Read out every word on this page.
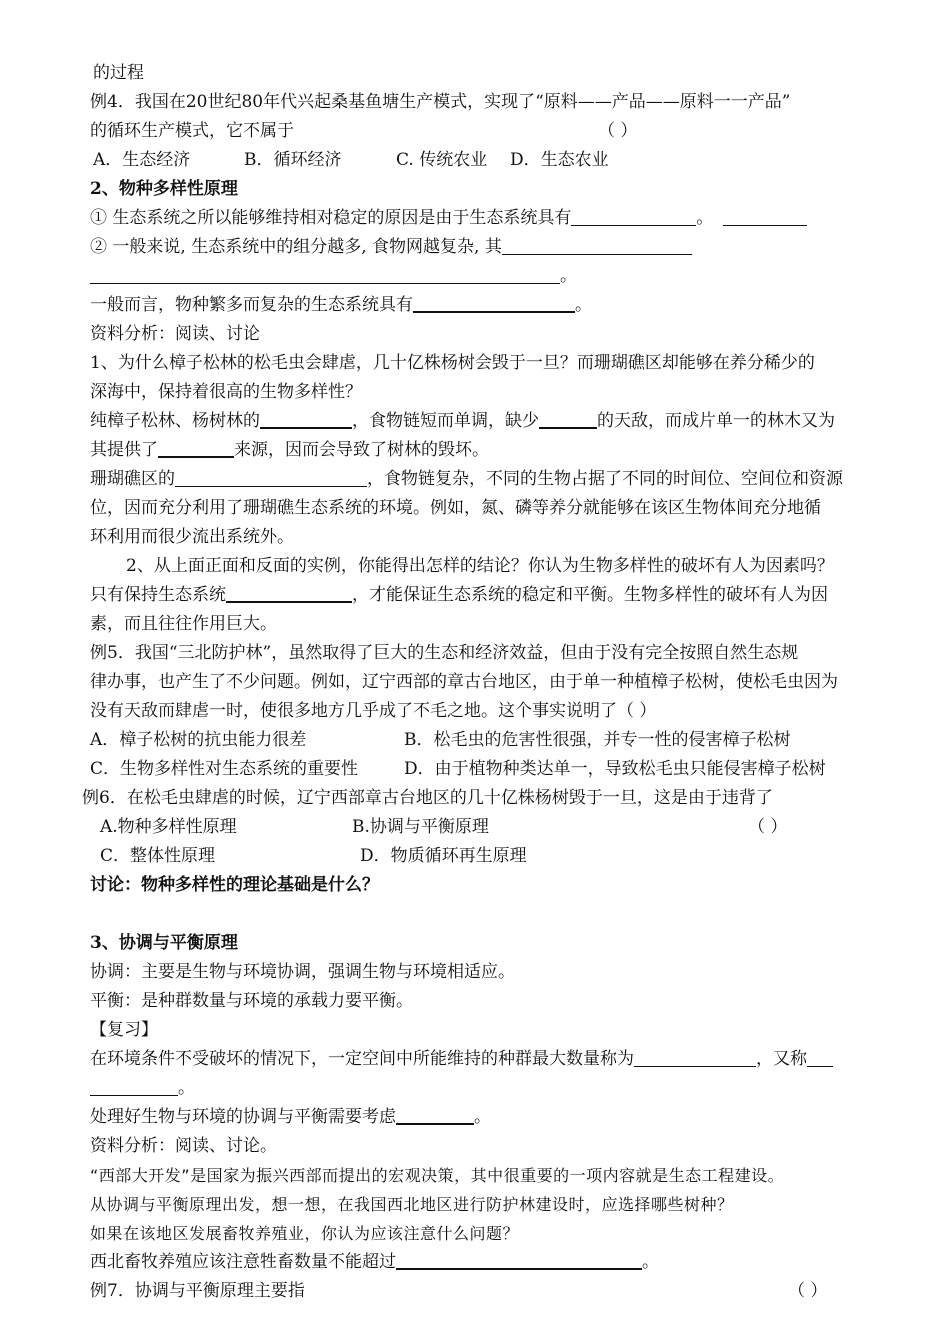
的过程
例4．我国在20世纪80年代兴起桑基鱼塘生产模式，实现了“原料——产品——原料一一产品”
的循环生产模式，它不属于	（ ）
A．生态经济	B．循环经济	C. 传统农业 D．生态农业
2、物种多样性原理
① 生态系统之所以能够维持相对稳定的原因是由于生态系统具有	。
② 一般来说, 生态系统中的组分越多, 食物网越复杂, 其
。
一般而言，物种繁多而复杂的生态系统具有	。
资料分析：阅读、讨论
1、为什么樟子松林的松毛虫会肆虐，几十亿株杨树会毁于一旦？而珊瑚礁区却能够在养分稀少的
深海中，保持着很高的生物多样性？
纯樟子松林、杨树林的	，食物链短而单调，缺少	的天敌，而成片单一的林木又为
其提供了	来源，因而会导致了树林的毁坏。
珊瑚礁区的	，食物链复杂，不同的生物占据了不同的时间位、空间位和资源
位，因而充分利用了珊瑚礁生态系统的环境。例如，氮、磷等养分就能够在该区生物体间充分地循
环利用而很少流出系统外。
2、从上面正面和反面的实例，你能得出怎样的结论？你认为生物多样性的破坏有人为因素吗？
只有保持生态系统	，才能保证生态系统的稳定和平衡。生物多样性的破坏有人为因
素，而且往往作用巨大。
例5．我国“三北防护林”，虽然取得了巨大的生态和经济效益，但由于没有完全按照自然生态规
律办事，也产生了不少问题。例如，辽宁西部的章古台地区，由于单一种植樟子松树，使松毛虫因为
没有天敌而肆虐一时，使很多地方几乎成了不毛之地。这个事实说明了（ ）
A．樟子松树的抗虫能力很差	B．松毛虫的危害性很强，并专一性的侵害樟子松树
C．生物多样性对生态系统的重要性	D．由于植物种类达单一，导致松毛虫只能侵害樟子松树
例6．在松毛虫肆虐的时候，辽宁西部章古台地区的几十亿株杨树毁于一旦，这是由于违背了
A.物种多样性原理	B.协调与平衡原理	（ ）
C．整体性原理	D．物质循环再生原理
讨论：物种多样性的理论基础是什么？
3、协调与平衡原理
协调：主要是生物与环境协调，强调生物与环境相适应。
平衡：是种群数量与环境的承载力要平衡。
【复习】
在环境条件不受破坏的情况下，一定空间中所能维持的种群最大数量称为	，又称
。
处理好生物与环境的协调与平衡需要考虑	。
资料分析：阅读、讨论。
“西部大开发”是国家为振兴西部而提出的宏观决策，其中很重要的一项内容就是生态工程建设。
从协调与平衡原理出发，想一想，在我国西北地区进行防护林建设时，应选择哪些树种？
如果在该地区发展畜牧养殖业，你认为应该注意什么问题？
西北畜牧养殖应该注意牲畜数量不能超过	。
例7．协调与平衡原理主要指	（ ）
